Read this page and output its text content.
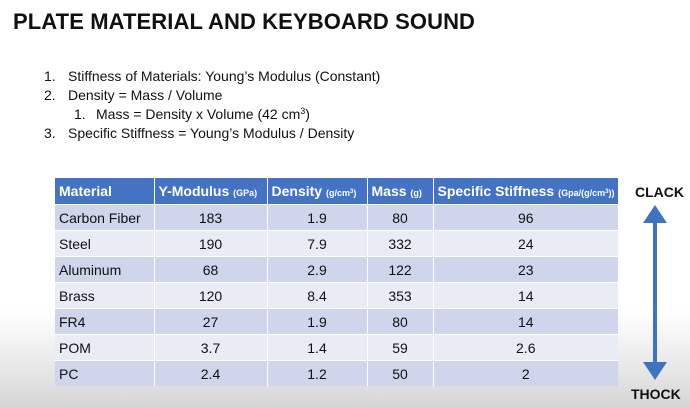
PLATE MATERIAL AND KEYBOARD SOUND
1. Stiffness of Materials: Young’s Modulus (Constant)
2. Density = Mass / Volume
1. Mass = Density x Volume (42 $cm^3$)
3. Specific Stiffness = Young’s Modulus / Density
Material	Y-Modulus (GPa)	Density $(g/cm^3)$	Mass (g)	Specific Stiffness $(Gpa/(g/cm^3))$
Carbon Fiber	183	1.9	80	96
Steel	190	7.9	332	24
Aluminum	68	2.9	122	23
Brass	120	8.4	353	14
FR4	27	1.9	80	14
POM	3.7	1.4	59	2.6
PC	2.4	1.2	50	2
CLACK
THOCK
